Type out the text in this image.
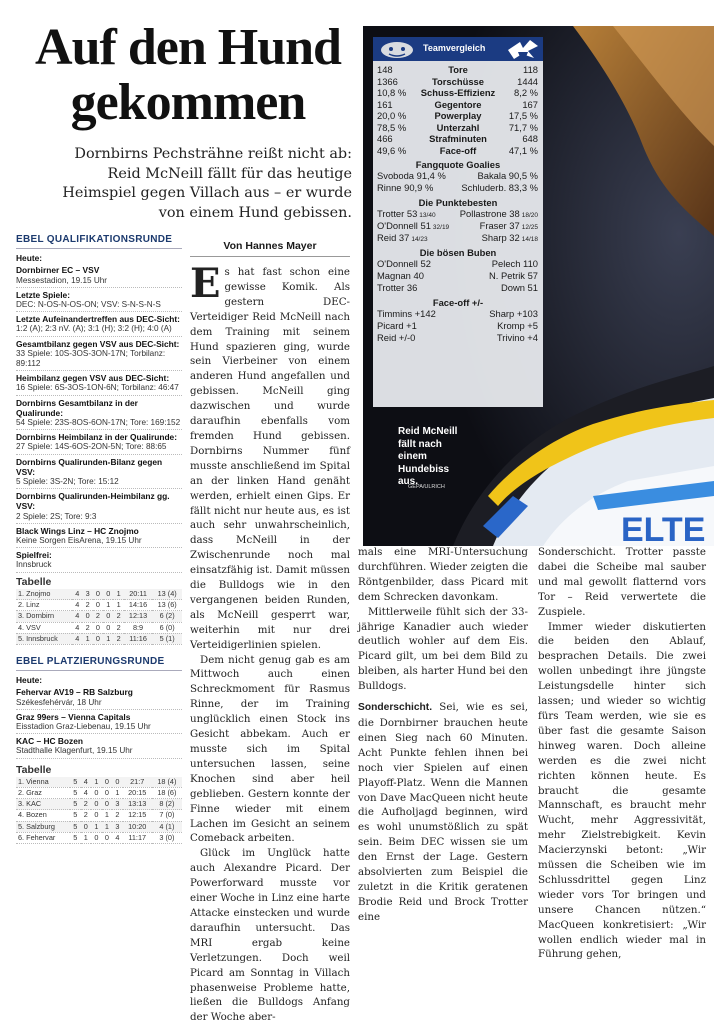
Auf den Hund gekommen
Dornbirns Pechsträhne reißt nicht ab: Reid McNeill fällt für das heutige Heimspiel gegen Villach aus – er wurde von einem Hund gebissen.
EBEL QUALIFIKATIONSRUNDE
Heute:
Dornbirner EC – VSV
Messestadion, 19.15 Uhr
Letzte Spiele:
DEC: N-OS-N-OS-ON; VSV: S-N-S-N-S
Letzte Aufeinandertreffen aus DEC-Sicht:
1:2 (A); 2:3 nV. (A); 3:1 (H); 3:2 (H); 4:0 (A)
Gesamtbilanz gegen VSV aus DEC-Sicht:
33 Spiele: 10S-3OS-3ON-17N; Torbilanz: 89:112
Heimbilanz gegen VSV aus DEC-Sicht:
16 Spiele: 6S-3OS-1ON-6N; Torbilanz: 46:47
Dornbirns Gesamtbilanz in der Qualirunde:
54 Spiele: 23S-8OS-6ON-17N; Tore: 169:152
Dornbirns Heimbilanz in der Qualirunde:
27 Spiele: 14S-6OS-2ON-5N; Tore: 88:65
Dornbirns Qualirunden-Bilanz gegen VSV:
5 Spiele: 3S-2N; Tore: 15:12
Dornbirns Qualirunden-Heimbilanz gg. VSV:
2 Spiele: 2S; Tore: 9:3
Black Wings Linz – HC Znojmo
Keine Sorgen EisArena, 19.15 Uhr
Spielfrei:
Innsbruck
Tabelle
1. Znojmo	4	3	0	0	1	20:11	13 (4)
2. Linz	4	2	0	1	1	14:16	13 (6)
3. Dornbirn	4	0	2	0	2	12:13	6 (2)
4. VSV	4	2	0	0	2	8:9	6 (0)
5. Innsbruck	4	1	0	1	2	11:16	5 (1)
EBEL PLATZIERUNGSRUNDE
Heute:
Fehervar AV19 – RB Salzburg
Székesfehérvár, 18 Uhr
Graz 99ers – Vienna Capitals
Eisstadion Graz-Liebenau, 19.15 Uhr
KAC – HC Bozen
Stadthalle Klagenfurt, 19.15 Uhr
Tabelle
1. Vienna	5	4	1	0	0	21:7	18 (4)
2. Graz	5	4	0	0	1	20:15	18 (6)
3. KAC	5	2	0	0	3	13:13	8 (2)
4. Bozen	5	2	0	1	2	12:15	7 (0)
5. Salzburg	5	0	1	1	3	10:20	4 (1)
6. Fehervar	5	1	0	0	4	11:17	3 (0)
ELTE
Teamvergleich
148	Tore	118
1366	Torschüsse	1444
10,8 %	Schuss-Effizienz	8,2 %
161	Gegentore	167
20,0 %	Powerplay	17,5 %
78,5 %	Unterzahl	71,7 %
466	Strafminuten	648
49,6 %	Face-off	47,1 %
Fangquote Goalies
Svoboda 91,4 %	Bakala 90,5 %
Rinne 90,9 %	Schluderb. 83,3 %
Die Punktebesten
Trotter 53 13/40	Pollastrone 38 18/20
O'Donnell 51 32/19	Fraser 37 12/25
Reid 37 14/23	Sharp 32 14/18
Die bösen Buben
O'Donnell 52	Pelech 110
Magnan 40	N. Petrik 57
Trotter 36	Down 51
Face-off +/-
Timmins +142	Sharp +103
Picard +1	Kromp +5
Reid +/-0	Trivino +4
Reid McNeill fällt nach einem Hundebiss aus.
GEPA/ULRICH
Von Hannes Mayer

Es hat fast schon eine gewisse Komik. Als gestern DEC-Verteidiger Reid McNeill nach dem Training mit seinem Hund spazieren ging, wurde sein Vierbeiner von einem anderen Hund angefallen und gebissen. McNeill ging dazwischen und wurde daraufhin ebenfalls vom fremden Hund gebissen. Dornbirns Nummer fünf musste anschließend im Spital an der linken Hand genäht werden, erhielt einen Gips. Er fällt nicht nur heute aus, es ist auch sehr unwahrscheinlich, dass McNeill in der Zwischenrunde noch mal einsatzfähig ist. Damit müssen die Bulldogs wie in den vergangenen beiden Runden, als McNeill gesperrt war, weiterhin mit nur drei Verteidigerlinien spielen.

Dem nicht genug gab es am Mittwoch auch einen Schreckmoment für Rasmus Rinne, der im Training unglücklich einen Stock ins Gesicht abbekam. Auch er musste sich im Spital untersuchen lassen, seine Knochen sind aber heil geblieben. Gestern konnte der Finne wieder mit einem Lachen im Gesicht an seinem Comeback arbeiten.

Glück im Unglück hatte auch Alexandre Picard. Der Powerforward musste vor einer Woche in Linz eine harte Attacke einstecken und wurde daraufhin untersucht. Das MRI ergab keine Verletzungen. Doch weil Picard am Sonntag in Villach phasenweise Probleme hatte, ließen die Bulldogs Anfang der Woche aber-

mals eine MRI-Untersuchung durchführen. Wieder zeigten die Röntgenbilder, dass Picard mit dem Schrecken davonkam.

Mittlerweile fühlt sich der 33-jährige Kanadier auch wieder deutlich wohler auf dem Eis. Picard gilt, um bei dem Bild zu bleiben, als harter Hund bei den Bulldogs.

Sonderschicht. Sei, wie es sei, die Dornbirner brauchen heute einen Sieg nach 60 Minuten. Acht Punkte fehlen ihnen bei noch vier Spielen auf einen Playoff-Platz. Wenn die Mannen von Dave MacQueen nicht heute die Aufholjagd beginnen, wird es wohl unumstößlich zu spät sein. Beim DEC wissen sie um den Ernst der Lage. Gestern absolvierten zum Beispiel die zuletzt in die Kritik geratenen Brodie Reid und Brock Trotter eine

Sonderschicht. Trotter passte dabei die Scheibe mal sauber und mal gewollt flatternd vors Tor – Reid verwertete die Zuspiele.

Immer wieder diskutierten die beiden den Ablauf, besprachen Details. Die zwei wollen unbedingt ihre jüngste Leistungsdelle hinter sich lassen; und wieder so wichtig fürs Team werden, wie sie es über fast die gesamte Saison hinweg waren. Doch alleine werden es die zwei nicht richten können heute. Es braucht die gesamte Mannschaft, es braucht mehr Wucht, mehr Aggressivität, mehr Zielstrebigkeit. Kevin Macierzynski betont: „Wir müssen die Scheiben wie im Schlussdrittel gegen Linz wieder vors Tor bringen und unsere Chancen nützen.“ MacQueen konkretisiert: „Wir wollen endlich wieder mal in Führung gehen,
